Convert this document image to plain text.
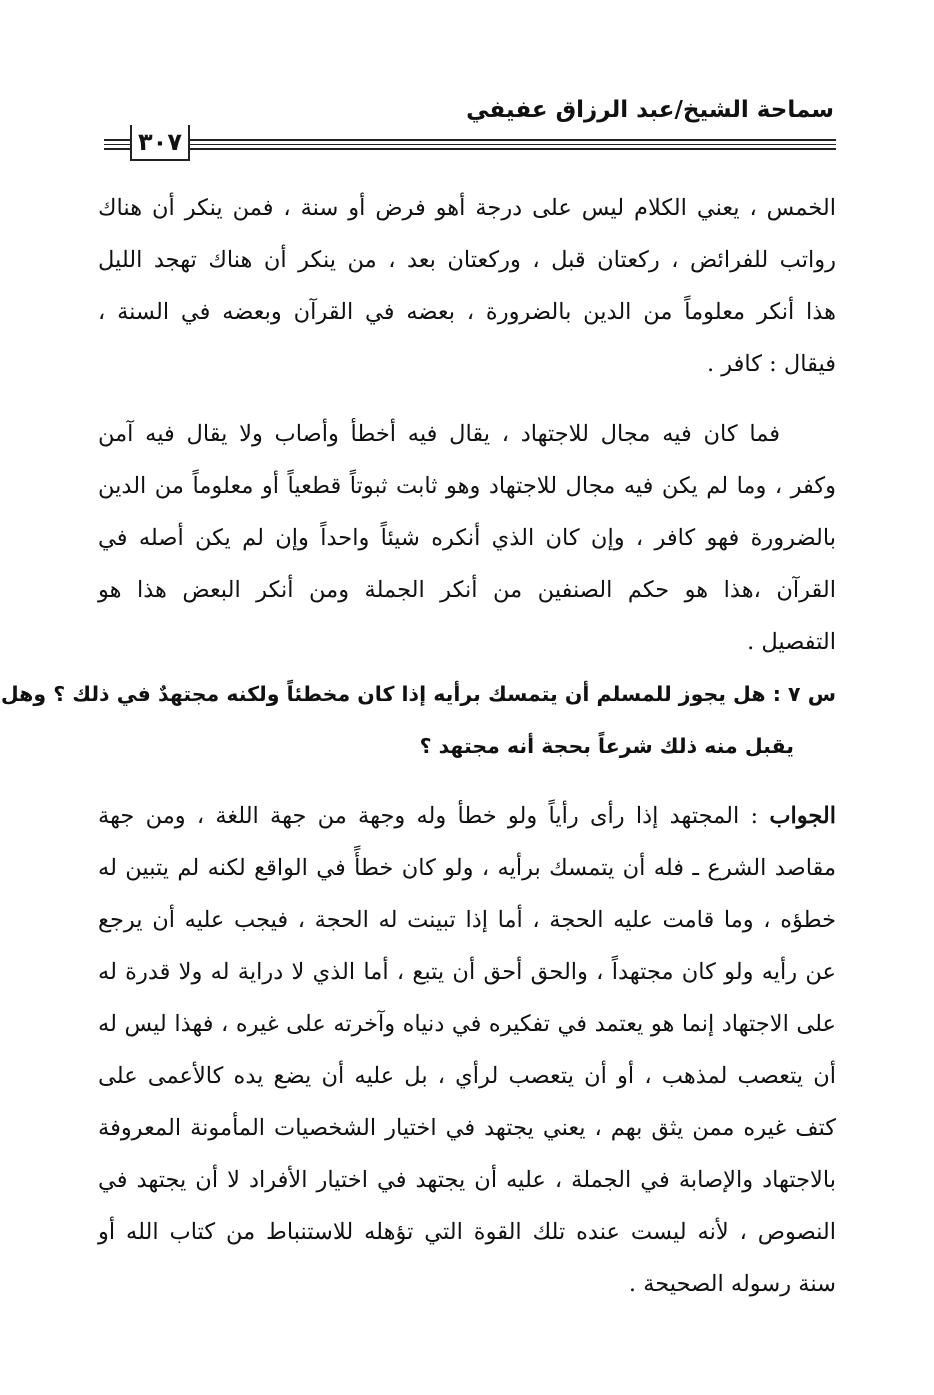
سماحة الشيخ/عبد الرزاق عفيفي
٣٠٧
الخمس ، يعني الكلام ليس على درجة أهو فرض أو سنة ، فمن ينكر أن هناك
رواتب للفرائض ، ركعتان قبل ، وركعتان بعد ، من ينكر أن هناك تهجد الليل
هذا أنكر معلوماً من الدين بالضرورة ، بعضه في القرآن وبعضه في السنة ،
فيقال : كافر .
فما كان فيه مجال للاجتهاد ، يقال فيه أخطأ وأصاب ولا يقال فيه آمن
وكفر ، وما لم يكن فيه مجال للاجتهاد وهو ثابت ثبوتاً قطعياً أو معلوماً من الدين
بالضرورة فهو كافر ، وإن كان الذي أنكره شيئاً واحداً وإن لم يكن أصله في
القرآن ،هذا هو حكم الصنفين من أنكر الجملة ومن أنكر البعض هذا هو
التفصيل .
س ٧ : هل يجوز للمسلم أن يتمسك برأيه إذا كان مخطئاً ولكنه مجتهدٌ في ذلك ؟ وهل
يقبل منه ذلك شرعاً بحجة أنه مجتهد ؟
الجواب : المجتهد إذا رأى رأياً ولو خطأ وله وجهة من جهة اللغة ، ومن جهة
مقاصد الشرع ـ فله أن يتمسك برأيه ، ولو كان خطأً في الواقع لكنه لم يتبين له
خطؤه ، وما قامت عليه الحجة ، أما إذا تبينت له الحجة ، فيجب عليه أن يرجع
عن رأيه ولو كان مجتهداً ، والحق أحق أن يتبع ، أما الذي لا دراية له ولا قدرة له
على الاجتهاد إنما هو يعتمد في تفكيره في دنياه وآخرته على غيره ، فهذا ليس له
أن يتعصب لمذهب ، أو أن يتعصب لرأي ، بل عليه أن يضع يده كالأعمى على
كتف غيره ممن يثق بهم ، يعني يجتهد في اختيار الشخصيات المأمونة المعروفة
بالاجتهاد والإصابة في الجملة ، عليه أن يجتهد في اختيار الأفراد لا أن يجتهد في
النصوص ، لأنه ليست عنده تلك القوة التي تؤهله للاستنباط من كتاب الله أو
سنة رسوله الصحيحة .
